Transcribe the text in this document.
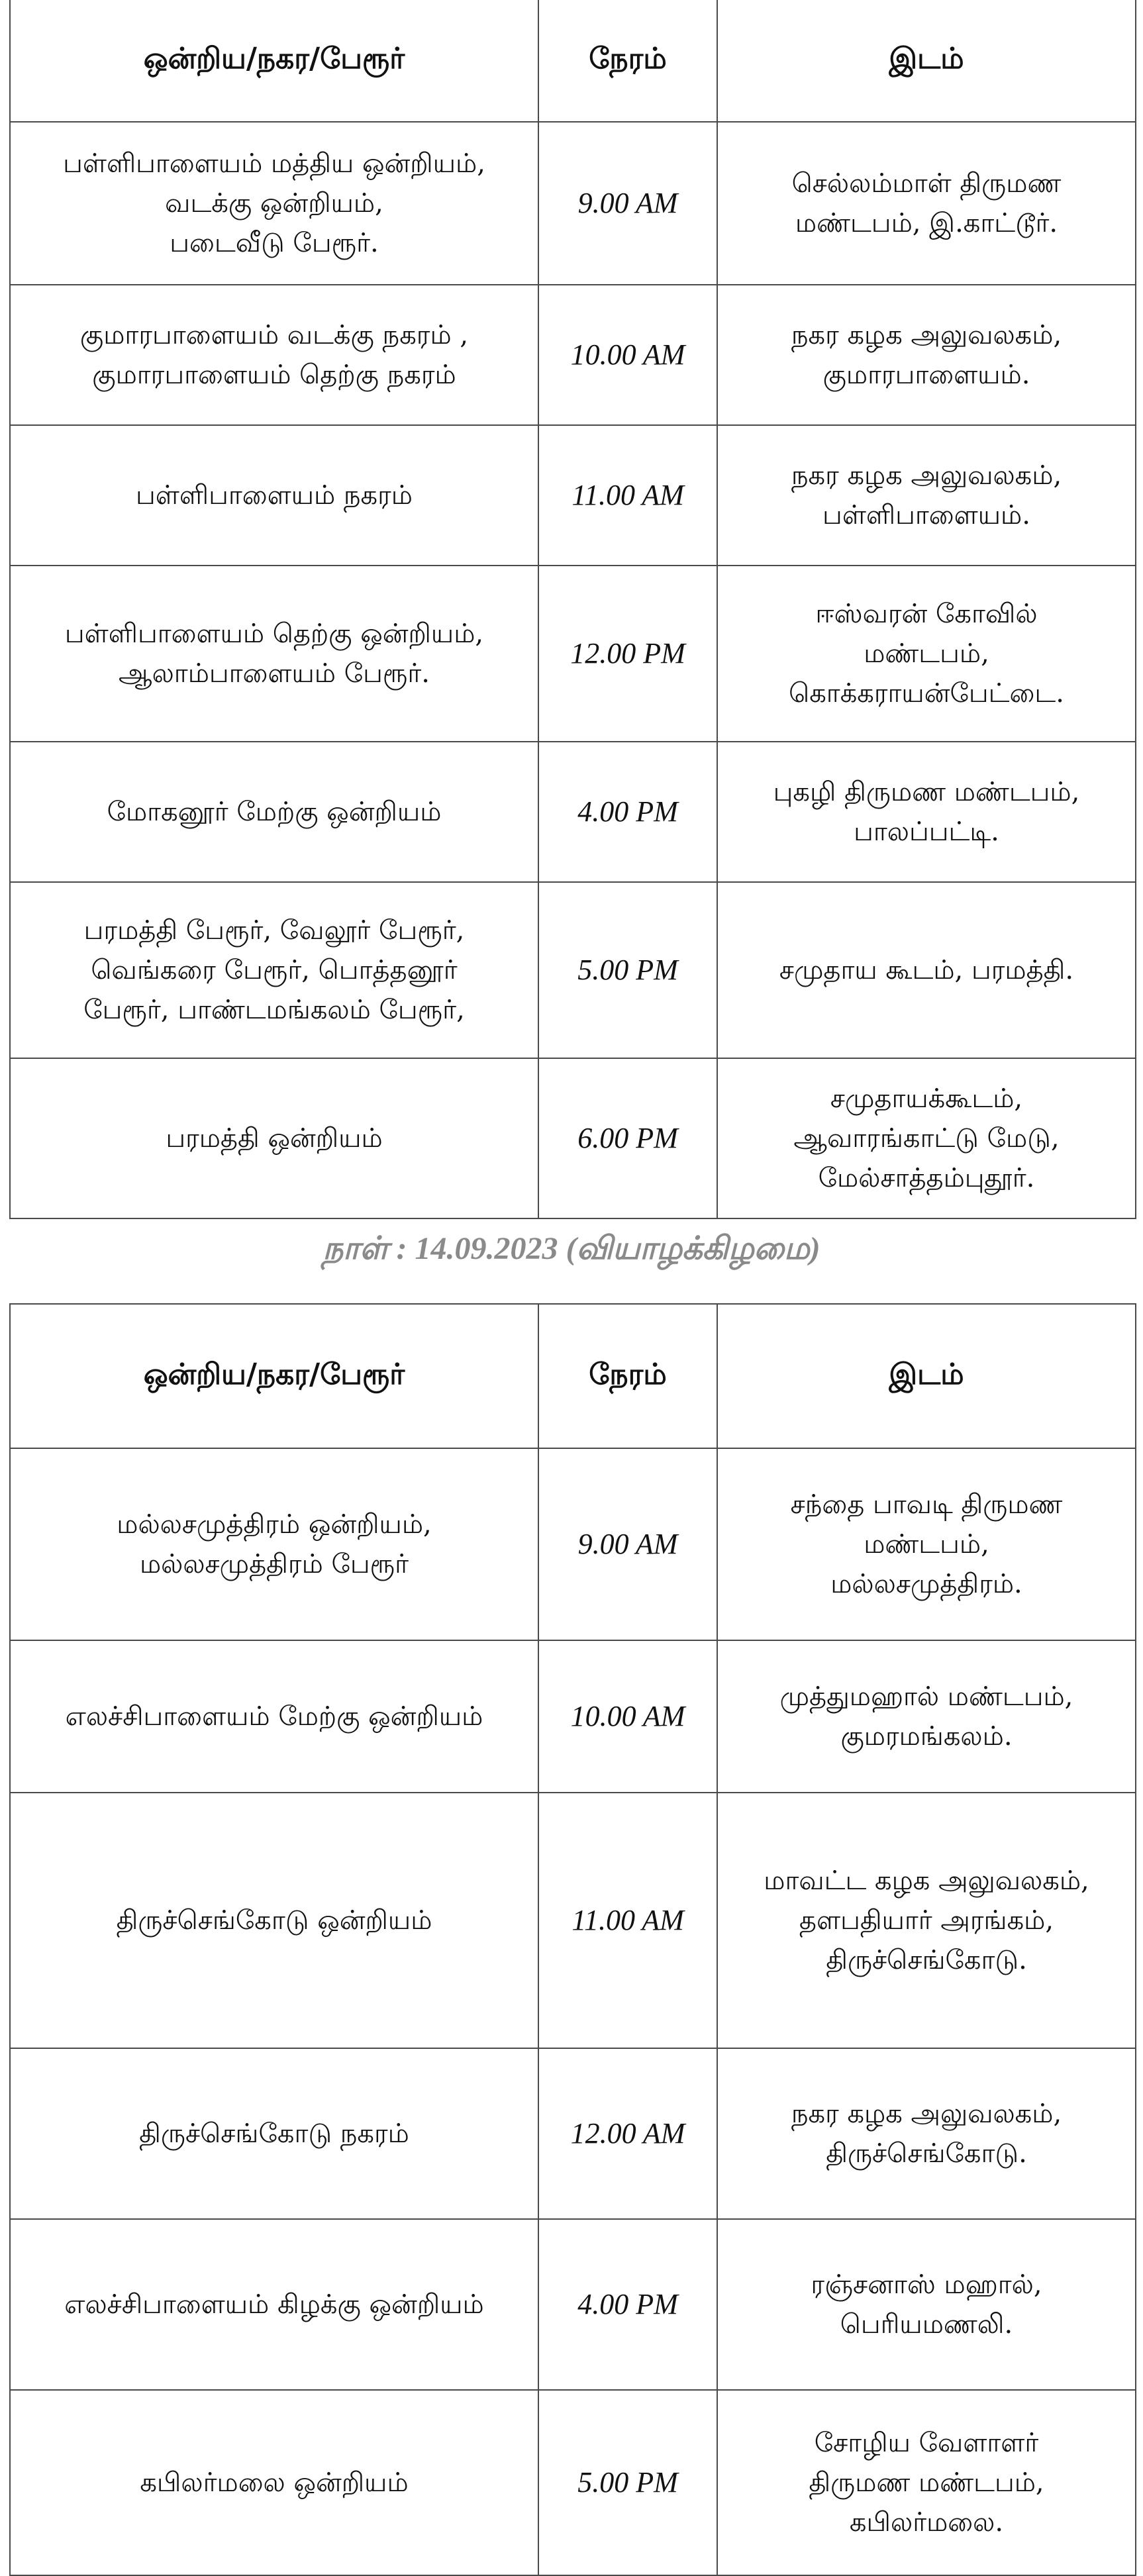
ஒன்றிய/நகர/பேரூர்	நேரம்	இடம்

பள்ளிபாளையம் மத்திய ஒன்றியம்,
வடக்கு ஒன்றியம்,
படைவீடு பேரூர்.	9.00 AM	செல்லம்மாள் திருமண
மண்டபம், இ.காட்டூர்.

குமாரபாளையம் வடக்கு நகரம் ,
குமாரபாளையம் தெற்கு நகரம்	10.00 AM	நகர கழக அலுவலகம்,
குமாரபாளையம்.

பள்ளிபாளையம் நகரம்	11.00 AM	நகர கழக அலுவலகம்,
பள்ளிபாளையம்.

பள்ளிபாளையம் தெற்கு ஒன்றியம்,
ஆலாம்பாளையம் பேரூர்.	12.00 PM	ஈஸ்வரன் கோவில்
மண்டபம்,
கொக்கராயன்பேட்டை.

மோகனூர் மேற்கு ஒன்றியம்	4.00 PM	புகழி திருமண மண்டபம்,
பாலப்பட்டி.

பரமத்தி பேரூர், வேலூர் பேரூர்,
வெங்கரை பேரூர், பொத்தனூர்
பேரூர், பாண்டமங்கலம் பேரூர்,	5.00 PM	சமுதாய கூடம், பரமத்தி.

பரமத்தி ஒன்றியம்	6.00 PM	சமுதாயக்கூடம்,
ஆவாரங்காட்டு மேடு,
மேல்சாத்தம்புதூர்.
நாள் : 14.09.2023 (வியாழக்கிழமை)
ஒன்றிய/நகர/பேரூர்	நேரம்	இடம்

மல்லசமுத்திரம் ஒன்றியம்,
மல்லசமுத்திரம் பேரூர்	9.00 AM	சந்தை பாவடி திருமண
மண்டபம்,
மல்லசமுத்திரம்.

எலச்சிபாளையம் மேற்கு ஒன்றியம்	10.00 AM	முத்துமஹால் மண்டபம்,
குமரமங்கலம்.

திருச்செங்கோடு ஒன்றியம்	11.00 AM	மாவட்ட கழக அலுவலகம்,
தளபதியார் அரங்கம்,
திருச்செங்கோடு.

திருச்செங்கோடு நகரம்	12.00 AM	நகர கழக அலுவலகம்,
திருச்செங்கோடு.

எலச்சிபாளையம் கிழக்கு ஒன்றியம்	4.00 PM	ரஞ்சனாஸ் மஹால்,
பெரியமணலி.

கபிலர்மலை ஒன்றியம்	5.00 PM	சோழிய வேளாளர்
திருமண மண்டபம்,
கபிலர்மலை.
